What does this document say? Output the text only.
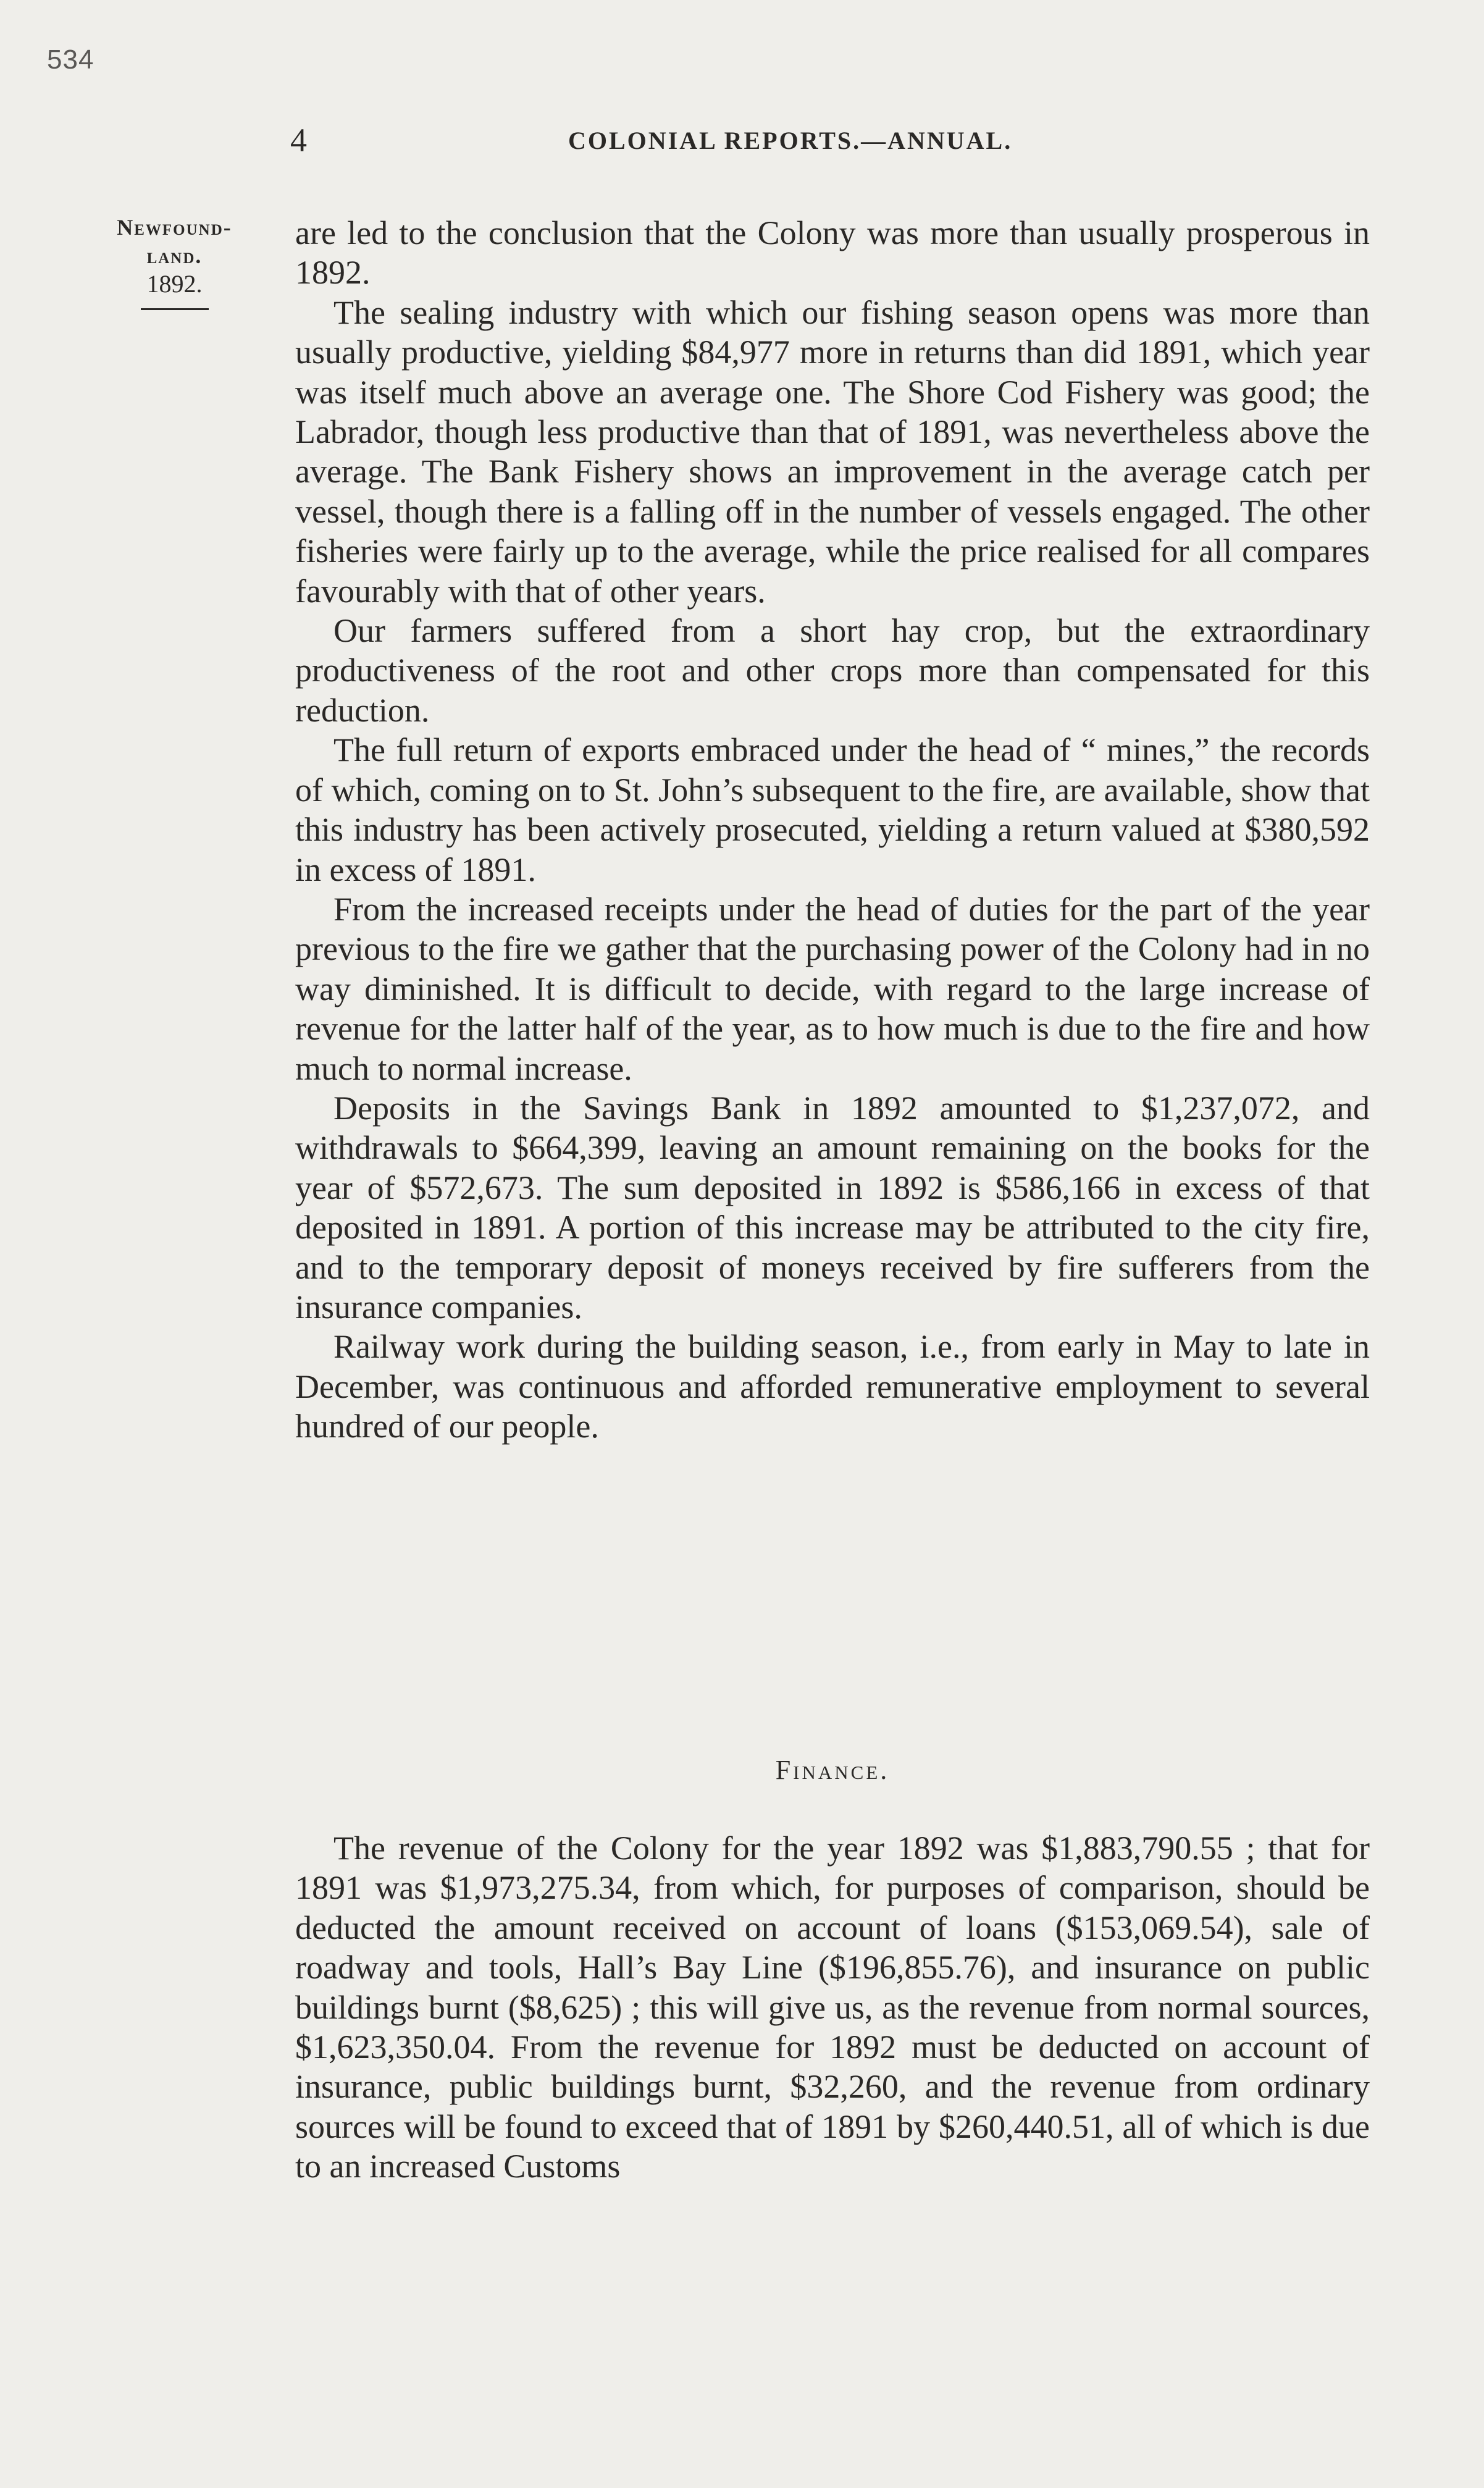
534
4	COLONIAL REPORTS.—ANNUAL.
Newfound-
land.
1892.

are led to the conclusion that the Colony was more than usually prosperous in 1892.

The sealing industry with which our fishing season opens was more than usually productive, yielding $84,977 more in returns than did 1891, which year was itself much above an average one. The Shore Cod Fishery was good; the Labrador, though less productive than that of 1891, was nevertheless above the average. The Bank Fishery shows an improvement in the average catch per vessel, though there is a falling off in the number of vessels engaged. The other fisheries were fairly up to the average, while the price realised for all compares favourably with that of other years.

Our farmers suffered from a short hay crop, but the extraordinary productiveness of the root and other crops more than compensated for this reduction.

The full return of exports embraced under the head of “ mines,” the records of which, coming on to St. John’s subsequent to the fire, are available, show that this industry has been actively prosecuted, yielding a return valued at $380,592 in excess of 1891.

From the increased receipts under the head of duties for the part of the year previous to the fire we gather that the purchasing power of the Colony had in no way diminished. It is difficult to decide, with regard to the large increase of revenue for the latter half of the year, as to how much is due to the fire and how much to normal increase.

Deposits in the Savings Bank in 1892 amounted to $1,237,072, and withdrawals to $664,399, leaving an amount remaining on the books for the year of $572,673. The sum deposited in 1892 is $586,166 in excess of that deposited in 1891. A portion of this increase may be attributed to the city fire, and to the temporary deposit of moneys received by fire sufferers from the insurance companies.

Railway work during the building season, i.e., from early in May to late in December, was continuous and afforded remunerative employment to several hundred of our people.

Finance.

The revenue of the Colony for the year 1892 was $1,883,790.55 ; that for 1891 was $1,973,275.34, from which, for purposes of comparison, should be deducted the amount received on account of loans ($153,069.54), sale of roadway and tools, Hall’s Bay Line ($196,855.76), and insurance on public buildings burnt ($8,625) ; this will give us, as the revenue from normal sources, $1,623,350.04. From the revenue for 1892 must be deducted on account of insurance, public buildings burnt, $32,260, and the revenue from ordinary sources will be found to exceed that of 1891 by $260,440.51, all of which is due to an increased Customs
